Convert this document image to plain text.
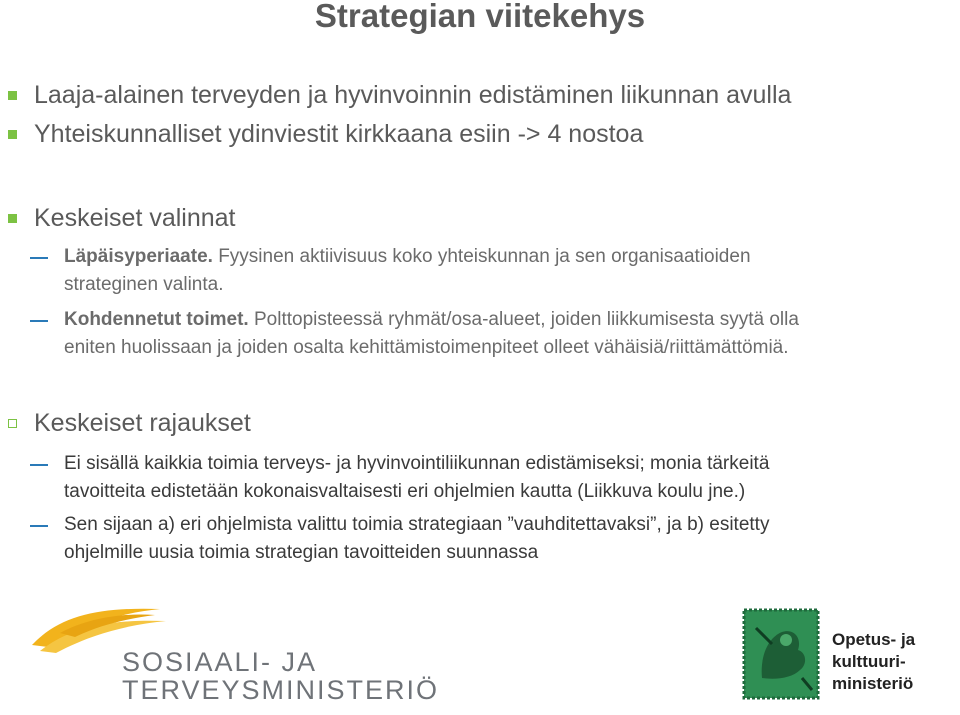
Strategian viitekehys
Laaja-alainen terveyden ja hyvinvoinnin edistäminen liikunnan avulla
Yhteiskunnalliset ydinviestit kirkkaana esiin -> 4 nostoa
Keskeiset valinnat
Läpäisyperiaate. Fyysinen aktiivisuus koko yhteiskunnan ja sen organisaatioiden
strateginen valinta.
Kohdennetut toimet. Polttopisteessä ryhmät/osa-alueet, joiden liikkumisesta syytä olla
eniten huolissaan ja joiden osalta kehittämistoimenpiteet olleet vähäisiä/riittämättömiä.
Keskeiset rajaukset
Ei sisällä kaikkia toimia terveys- ja hyvinvointiliikunnan edistämiseksi; monia tärkeitä
tavoitteita edistetään kokonaisvaltaisesti eri ohjelmien kautta (Liikkuva koulu jne.)
Sen sijaan a) eri ohjelmista valittu toimia strategiaan ”vauhditettavaksi”, ja b) esitetty
ohjelmille uusia toimia strategian tavoitteiden suunnassa
SOSIAALI- JA
TERVEYSMINISTERIÖ
Opetus- ja
kulttuuri-
ministeriö
